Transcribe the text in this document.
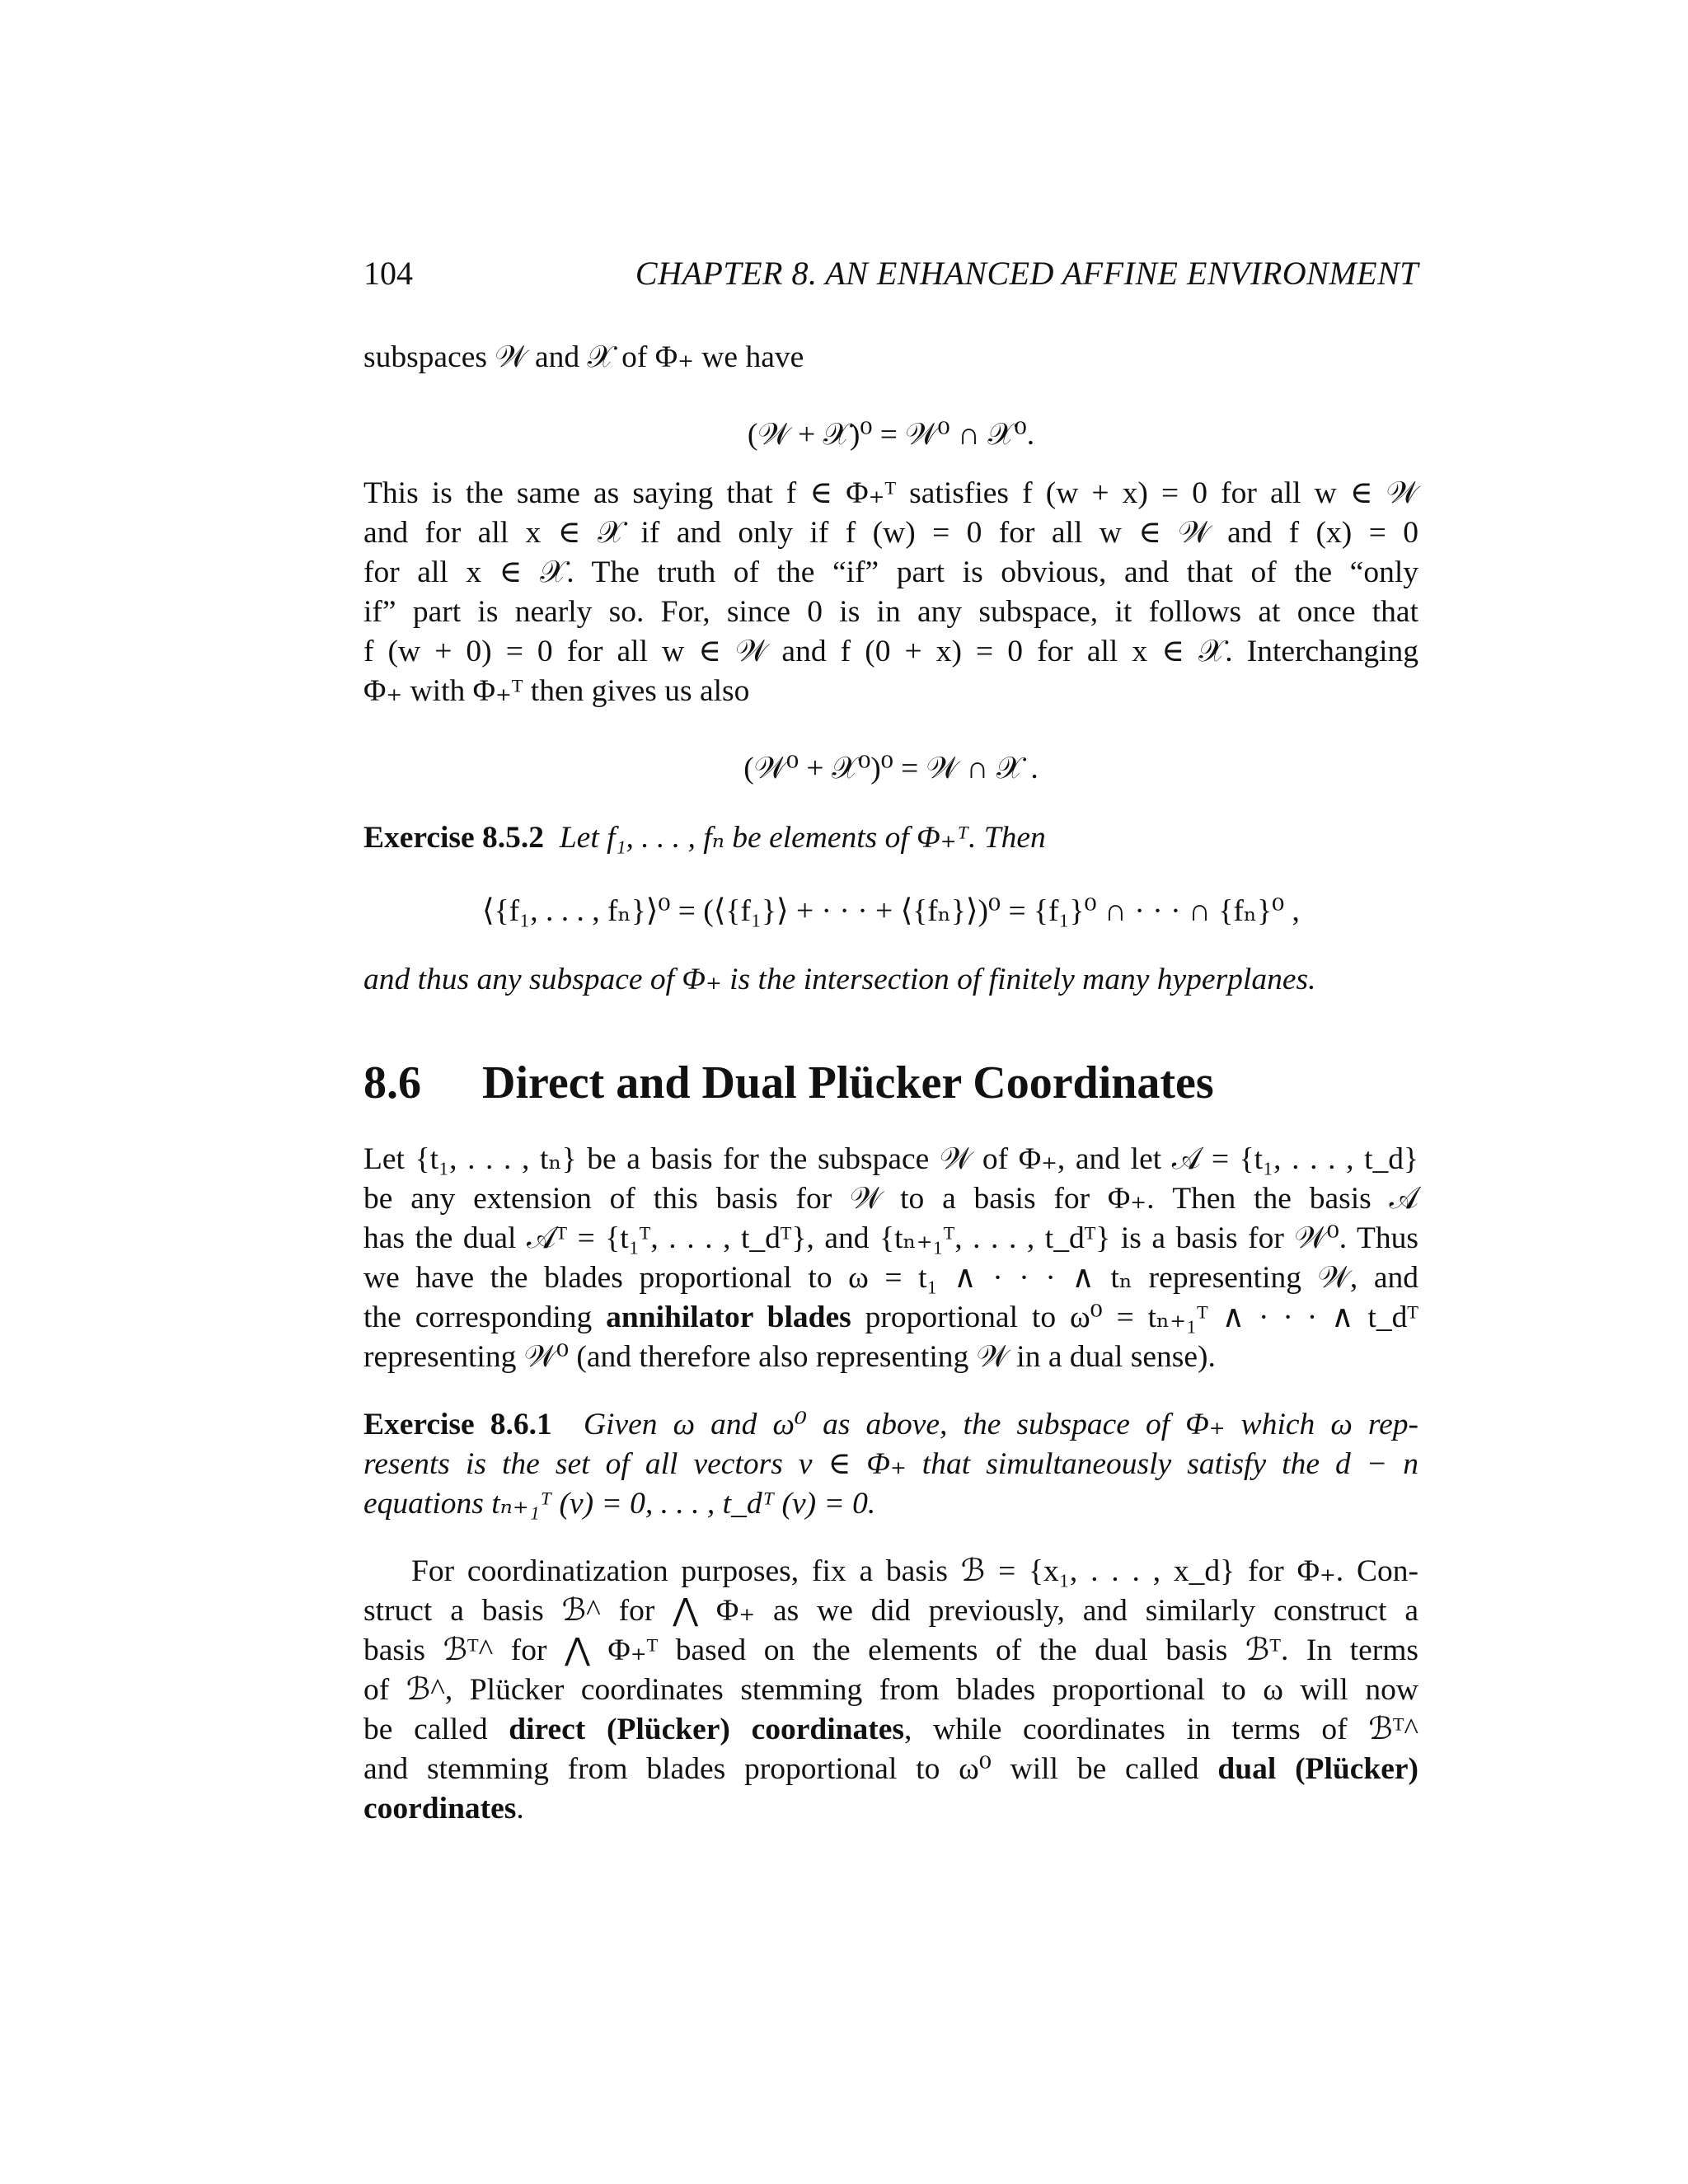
104	CHAPTER 8. AN ENHANCED AFFINE ENVIRONMENT
subspaces 𝒲 and 𝒳 of Φ₊ we have
(𝒲 + 𝒳)⁰ = 𝒲⁰ ∩ 𝒳⁰.
This is the same as saying that f ∈ Φ₊ᵀ satisfies f (w + x) = 0 for all w ∈ 𝒲
and for all x ∈ 𝒳 if and only if f (w) = 0 for all w ∈ 𝒲 and f (x) = 0
for all x ∈ 𝒳. The truth of the “if” part is obvious, and that of the “only
if” part is nearly so. For, since 0 is in any subspace, it follows at once that
f (w + 0) = 0 for all w ∈ 𝒲 and f (0 + x) = 0 for all x ∈ 𝒳. Interchanging
Φ₊ with Φ₊ᵀ then gives us also
(𝒲⁰ + 𝒳⁰)⁰ = 𝒲 ∩ 𝒳 .
Exercise 8.5.2 Let f₁, . . . , fₙ be elements of Φ₊ᵀ. Then
⟨{f₁, . . . , fₙ}⟩⁰ = (⟨{f₁}⟩ + · · · + ⟨{fₙ}⟩)⁰ = {f₁}⁰ ∩ · · · ∩ {fₙ}⁰ ,
and thus any subspace of Φ₊ is the intersection of finitely many hyperplanes.
8.6 Direct and Dual Plücker Coordinates
Let {t₁, . . . , tₙ} be a basis for the subspace 𝒲 of Φ₊, and let 𝒜 = {t₁, . . . , t_d}
be any extension of this basis for 𝒲 to a basis for Φ₊. Then the basis 𝒜
has the dual 𝒜ᵀ = {t₁ᵀ, . . . , t_dᵀ}, and {tₙ₊₁ᵀ, . . . , t_dᵀ} is a basis for 𝒲⁰. Thus
we have the blades proportional to ω = t₁ ∧ · · · ∧ tₙ representing 𝒲, and
the corresponding annihilator blades proportional to ω⁰ = tₙ₊₁ᵀ ∧ · · · ∧ t_dᵀ
representing 𝒲⁰ (and therefore also representing 𝒲 in a dual sense).
Exercise 8.6.1 Given ω and ω⁰ as above, the subspace of Φ₊ which ω rep-
resents is the set of all vectors v ∈ Φ₊ that simultaneously satisfy the d − n
equations tₙ₊₁ᵀ (v) = 0, . . . , t_dᵀ (v) = 0.
For coordinatization purposes, fix a basis ℬ = {x₁, . . . , x_d} for Φ₊. Con-
struct a basis ℬ^ for ⋀ Φ₊ as we did previously, and similarly construct a
basis ℬᵀ^ for ⋀ Φ₊ᵀ based on the elements of the dual basis ℬᵀ. In terms
of ℬ^, Plücker coordinates stemming from blades proportional to ω will now
be called direct (Plücker) coordinates, while coordinates in terms of ℬᵀ^
and stemming from blades proportional to ω⁰ will be called dual (Plücker)
coordinates.
